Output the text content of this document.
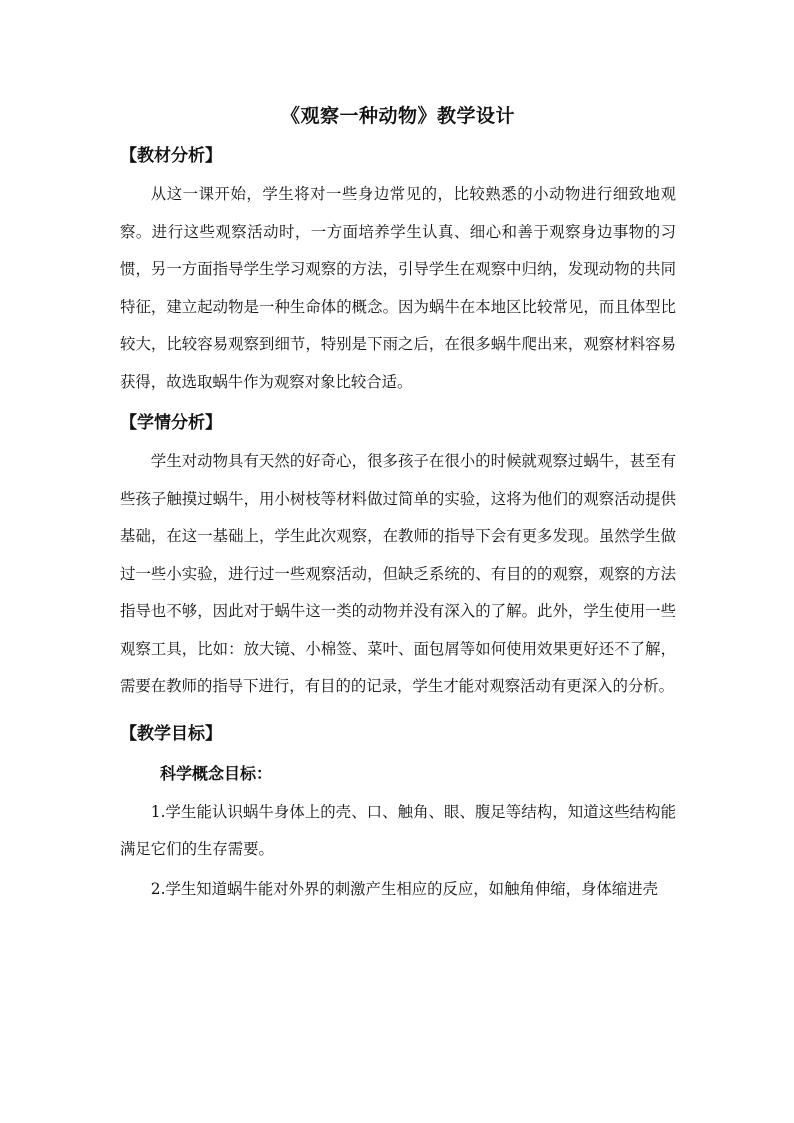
《观察一种动物》教学设计
【教材分析】

从这一课开始，学生将对一些身边常见的，比较熟悉的小动物进行细致地观察。进行这些观察活动时，一方面培养学生认真、细心和善于观察身边事物的习惯，另一方面指导学生学习观察的方法，引导学生在观察中归纳，发现动物的共同特征，建立起动物是一种生命体的概念。因为蜗牛在本地区比较常见，而且体型比较大，比较容易观察到细节，特别是下雨之后，在很多蜗牛爬出来，观察材料容易获得，故选取蜗牛作为观察对象比较合适。

【学情分析】

学生对动物具有天然的好奇心，很多孩子在很小的时候就观察过蜗牛，甚至有些孩子触摸过蜗牛，用小树枝等材料做过简单的实验，这将为他们的观察活动提供基础，在这一基础上，学生此次观察，在教师的指导下会有更多发现。虽然学生做过一些小实验，进行过一些观察活动，但缺乏系统的、有目的的观察，观察的方法指导也不够，因此对于蜗牛这一类的动物并没有深入的了解。此外，学生使用一些观察工具，比如：放大镜、小棉签、菜叶、面包屑等如何使用效果更好还不了解，需要在教师的指导下进行，有目的的记录，学生才能对观察活动有更深入的分析。

【教学目标】
科学概念目标：

1.学生能认识蜗牛身体上的壳、口、触角、眼、腹足等结构，知道这些结构能满足它们的生存需要。

2.学生知道蜗牛能对外界的刺激产生相应的反应，如触角伸缩，身体缩进壳
